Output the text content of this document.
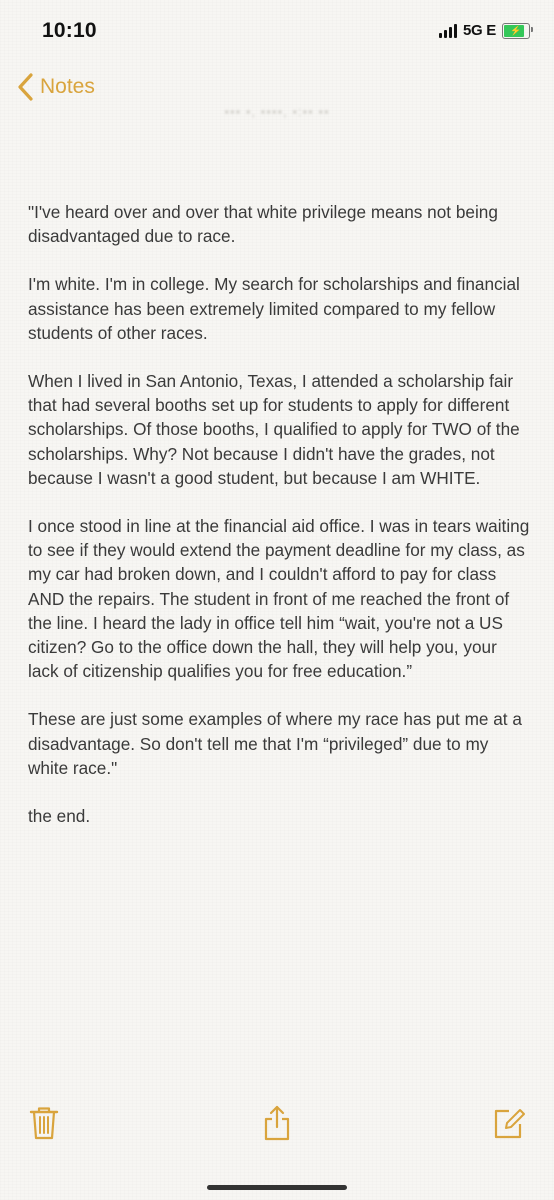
10:10	5G E ⚡
Notes
▪▪▪ ▪, ▪▪▪▪, ▪:▪▪ ▪▪

"I've heard over and over that white privilege means not being disadvantaged due to race.

I'm white. I'm in college. My search for scholarships and financial assistance has been extremely limited compared to my fellow students of other races.

When I lived in San Antonio, Texas, I attended a scholarship fair that had several booths set up for students to apply for different scholarships. Of those booths, I qualified to apply for TWO of the scholarships. Why? Not because I didn't have the grades, not because I wasn't a good student, but because I am WHITE.

I once stood in line at the financial aid office. I was in tears waiting to see if they would extend the payment deadline for my class, as my car had broken down, and I couldn't afford to pay for class AND the repairs. The student in front of me reached the front of the line. I heard the lady in office tell him “wait, you're not a US citizen? Go to the office down the hall, they will help you, your lack of citizenship qualifies you for free education.”

These are just some examples of where my race has put me at a disadvantage. So don't tell me that I'm “privileged” due to my white race."

the end.
